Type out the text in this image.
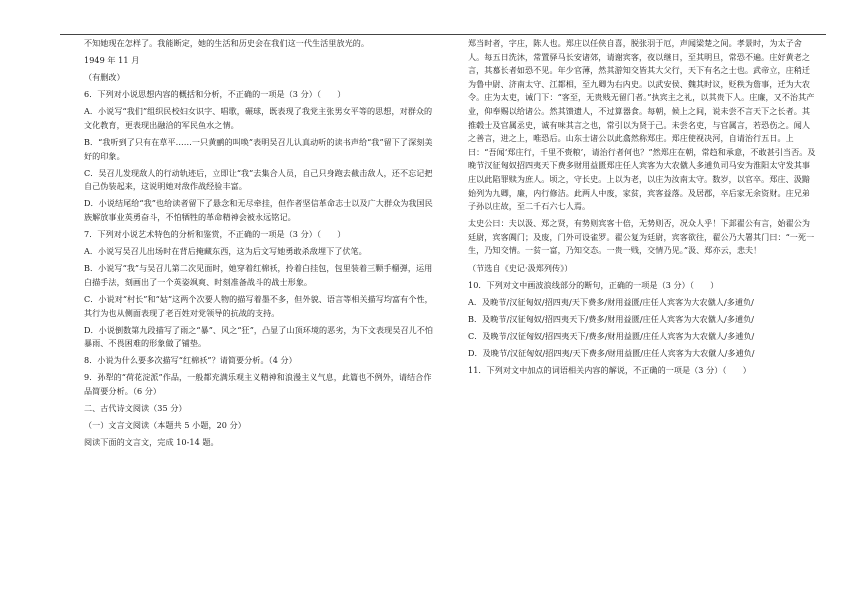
不知她现在怎样了。我能断定，她的生活和历史会在我们这一代生活里放光的。

1949 年 11 月

（有删改）

6．下列对小说思想内容的概括和分析，不正确的一项是（3 分）（　　）

A．小说写“我们”组织民校妇女识字、唱歌，碾球，既表现了我党主张男女平等的思想，对群众的文化教育，更表现出融洽的军民鱼水之情。

B．“我听到了只有在草平……一只黄鹂的叫唤”表明吴召儿认真动听的读书声给“我”留下了深刻美好的印象。

C．吴召儿发现敌人的行动轨迹后，立即让“我”去集合人员，自己只身跑去截击敌人，还不忘记把自己伪装起来，这说明她对敌作战经验丰富。

D．小说结尾给“我”也给读者留下了悬念和无尽牵挂，但作者坚信革命志士以及广大群众为我国民族解放事业英勇奋斗，不怕牺牲的革命精神会被永远铭记。

7．下列对小说艺术特色的分析和鉴赏，不正确的一项是（3 分）（　　）

A．小说写吴召儿出场时在背后掩藏东西，这为后文写她勇敢杀敌埋下了伏笔。

B．小说写“我”与吴召儿第二次见面时，她穿着红棉袄，拎着白挂包，包里装着三颗手榴弹，运用白描手法，刻画出了一个英姿飒爽、时刻准备战斗的战士形象。

C．小说对“村长”和“姑”这两个次要人物的描写着墨不多，但外貌、语言等相关描写均富有个性，其行为也从侧面表现了老百姓对党领导的抗战的支持。

D．小说倒数第九段描写了雨之“暴”、风之“狂”，凸显了山顶环境的恶劣，为下文表现吴召儿不怕暴雨、不畏困难的形象做了铺垫。

8．小说为什么要多次描写“红棉袄”？请简要分析。（4 分）

9．孙犁的“荷花淀派”作品，一般都充满乐观主义精神和浪漫主义气息，此篇也不例外，请结合作品简要分析。（6 分）

二、古代诗文阅读（35 分）

（一）文言文阅读（本题共 5 小题，20 分）

阅读下面的文言文，完成 10-14 题。

郑当时者，字庄，陈人也。郑庄以任侠自喜，脱张羽于厄，声闻梁楚之间。孝景时，为太子舍人。每五日洗沐，常置驿马长安诸郊，请谢宾客，夜以继日，至其明旦，常恐不遍。庄好黄老之言，其慕长者如恐不见。年少官薄，然其游知交皆其大父行，天下有名之士也。武帝立，庄稍迁为鲁中尉、济南太守、江都相，至九卿为右内史。以武安侯、魏其时议，贬秩为詹事，迁为大农令。庄为太吏，诫门下：“客至，无贵贱无留门者。”执宾主之礼，以其贵下人。庄廉，又不治其产业，仰奉赐以给诸公。然其馈遗人，不过算器食。每朝，候上之间，说未尝不言天下之长者。其推毂士及官属丞史，诚有味其言之也，常引以为贤于己。未尝名吏，与官属言，若恐伤之。闻人之善言，进之上，唯恐后。山东士诸公以此翕然称郑庄。郑庄使视决河，自请治行五日。上曰：“吾闻‘郑庄行，千里不赍粮’，请治行者何也？”然郑庄在朝，常趋和承意，不敢甚引当否。及晚节汉征匈奴招四夷天下费多财用益匮郑庄任人宾客为大农僦人多逋负司马安为淮阳太守发其事庄以此陷罪赎为庶人。顷之，守长史。上以为老，以庄为汝南太守。数岁，以官卒。郑庄、汲黯始列为九卿，廉，内行修洁。此两人中废，家贫，宾客益落。及居郡，卒后家无余资财。庄兄弟子孙以庄故，至二千石六七人焉。

太史公曰：夫以汲、郑之贤，有势则宾客十倍，无势则否，况众人乎！下邽翟公有言，始翟公为廷尉，宾客阗门；及废，门外可设雀罗。翟公复为廷尉，宾客欲往，翟公乃大署其门曰：“一死一生，乃知交情。一贫一富，乃知交态。一贵一贱，交情乃见。”汲、郑亦云，悲夫！

（节选自《史记·汲郑列传》）

10．下列对文中画波浪线部分的断句，正确的一项是（3 分）（　　）

A．及晚节/汉征匈奴/招四夷/天下费多/财用益匮/庄任人宾客为大农僦人/多逋负/

B．及晚节/汉征匈奴/招四夷天下/费多/财用益匮/庄任人宾客为大农僦人/多逋负/

C．及晚节/汉征匈奴/招四夷天下/费多/财用益匮/庄任人宾客为大农僦人/多逋负/

D．及晚节/汉征匈奴/招四夷/天下费多/财用益匮/庄任人宾客为大农僦人/多逋负/

11．下列对文中加点的词语相关内容的解说，不正确的一项是（3 分）（　　）
